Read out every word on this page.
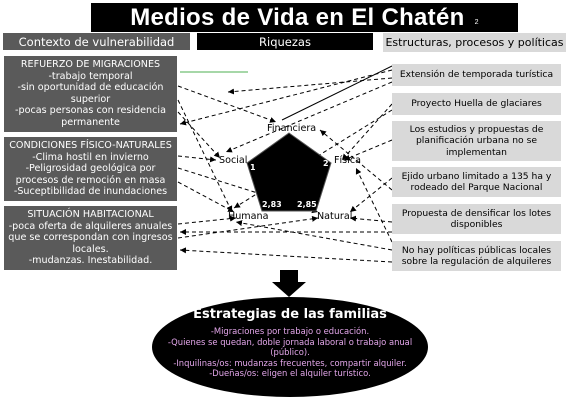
Medios de Vida en El Chatén 2
Contexto de vulnerabilidad	Riquezas	Estructuras, procesos y políticas
REFUERZO DE MIGRACIONES
-trabajo temporal
-sin oportunidad de educación
superior
-pocas personas con residencia
permanente
CONDICIONES FÍSICO-NATURALES
-Clima hostil en invierno
-Peligrosidad geológica por
procesos de remoción en masa
-Suceptibilidad de inundaciones
SITUACIÓN HABITACIONAL
-poca oferta de alquileres anuales
que se correspondan con ingresos
locales.
-mudanzas. Inestabilidad.
Financiera
Social	Física
Humana	Natural
1	2
2,83 2,85
Extensión de temporada turística
Proyecto Huella de glaciares
Los estudios y propuestas de
planificación urbana no se
implementan
Ejido urbano limitado a 135 ha y
rodeado del Parque Nacional
Propuesta de densificar los lotes
disponibles
No hay políticas públicas locales
sobre la regulación de alquileres
Estrategias de las familias
-Migraciones por trabajo o educación.
-Quienes se quedan, doble jornada laboral o trabajo anual
(público).
-Inquilinas/os: mudanzas frecuentes, compartir alquiler.
-Dueñas/os: eligen el alquiler turístico.
